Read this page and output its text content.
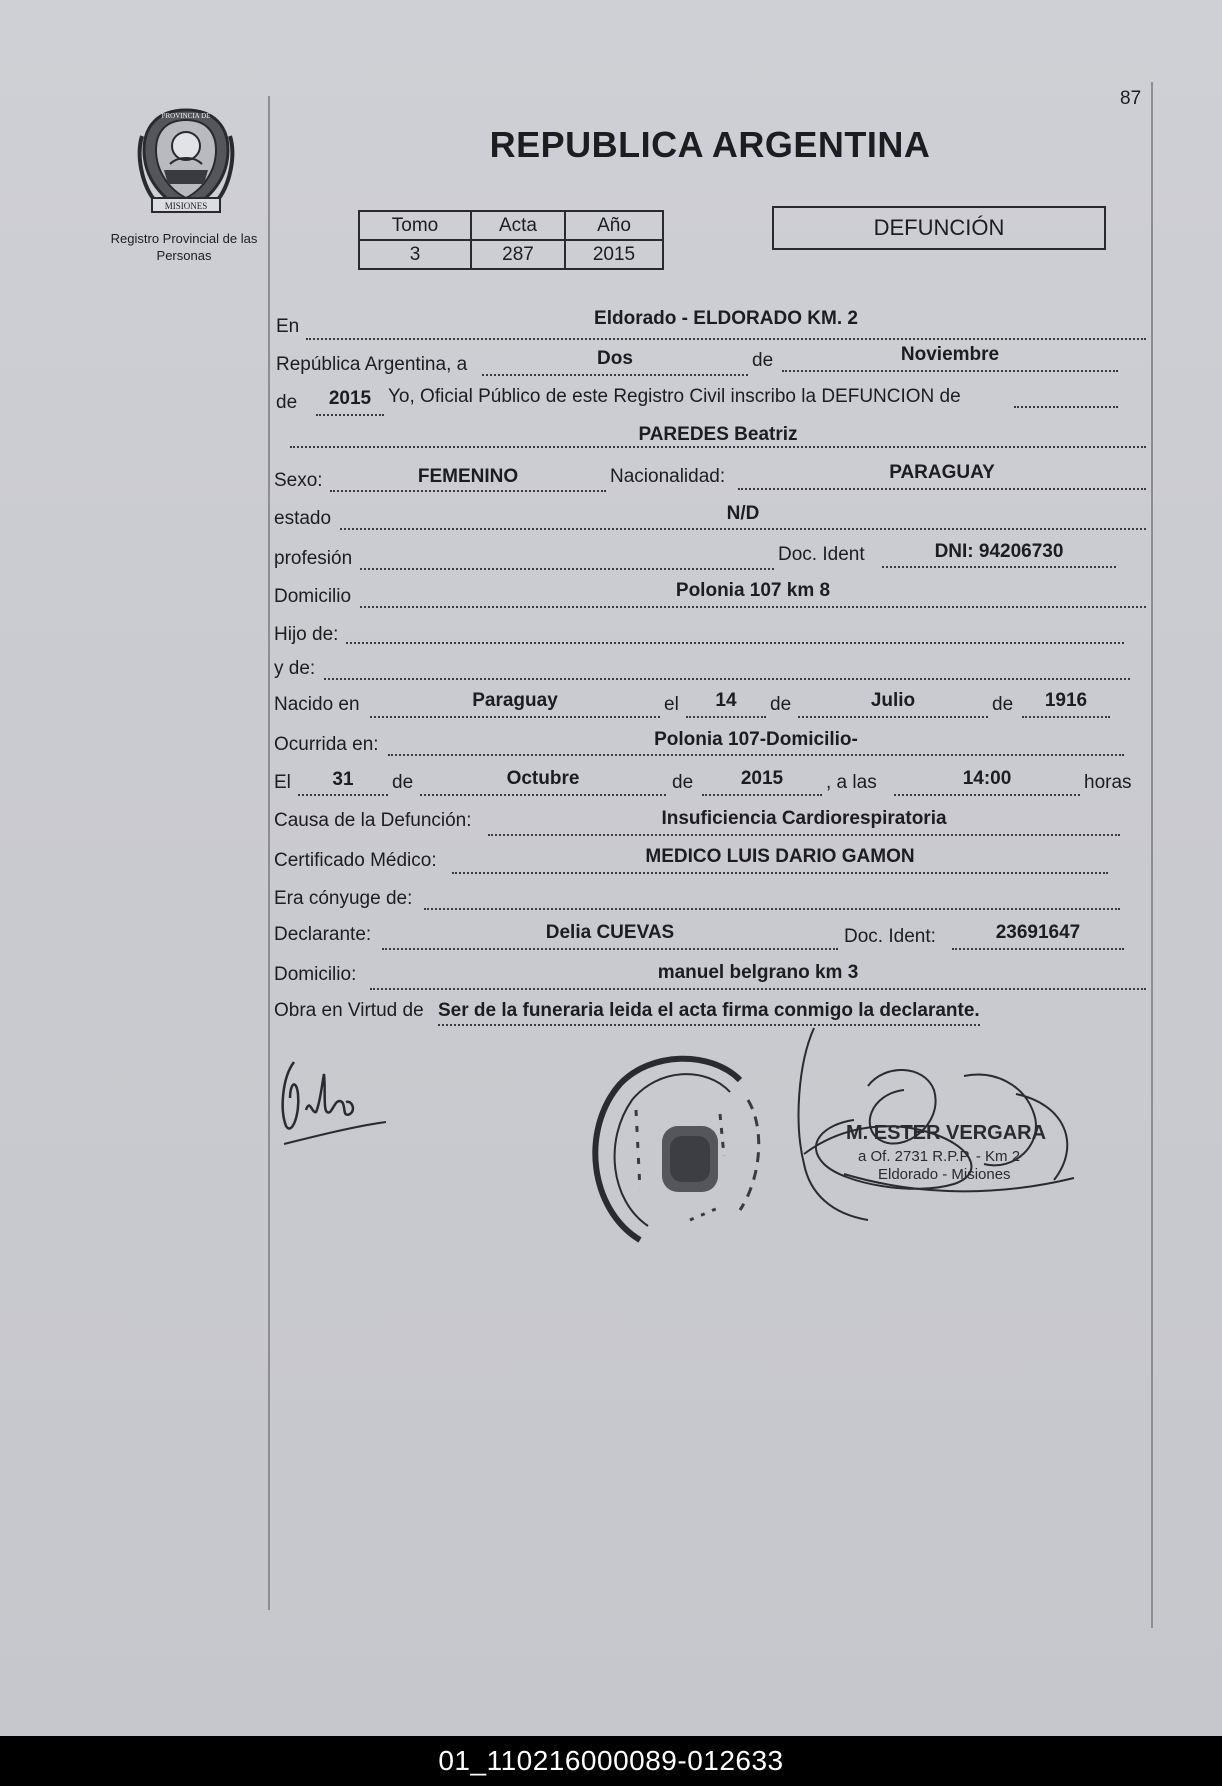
87
MISIONES
PROVINCIA DE
Registro Provincial de las Personas
REPUBLICA ARGENTINA
Tomo	Acta	Año
3	287	2015
DEFUNCIÓN
En	Eldorado - ELDORADO KM. 2
República Argentina, a	Dos	de	Noviembre
de	2015 Yo, Oficial Público de este Registro Civil inscribo la DEFUNCION de
PAREDES Beatriz
Sexo:	FEMENINO	Nacionalidad:	PARAGUAY
estado	N/D
profesión	Doc. Ident	DNI: 94206730
Domicilio	Polonia 107 km 8
Hijo de:
y de:
Nacido en	Paraguay	el	14	de	Julio	de	1916
Ocurrida en:	Polonia 107-Domicilio-
El	31	de	Octubre	de	2015	, a las	14:00	horas
Causa de la Defunción:	Insuficiencia Cardiorespiratoria
Certificado Médico:	MEDICO LUIS DARIO GAMON
Era cónyuge de:
Declarante:	Delia CUEVAS	Doc. Ident:	23691647
Domicilio:	manuel belgrano km 3
Obra en Virtud de Ser de la funeraria leida el acta firma conmigo la declarante.
M. ESTER VERGARA
a Of. 2731 R.P.P. - Km 2
Eldorado - Misiones
01_110216000089-012633
